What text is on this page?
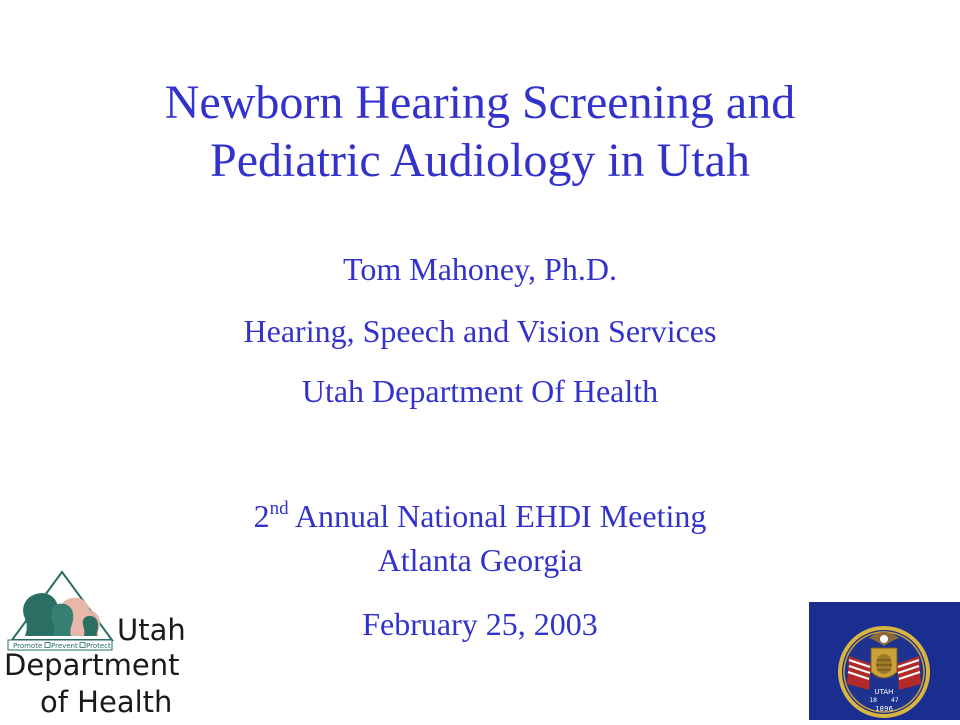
Newborn Hearing Screening and
Pediatric Audiology in Utah
Tom Mahoney, Ph.D.
Hearing, Speech and Vision Services
Utah Department Of Health
2nd Annual National EHDI Meeting
Atlanta Georgia
February 25, 2003
Promote Prevent Protect Utah
Department
of Health	UTAH
18 47
1896
